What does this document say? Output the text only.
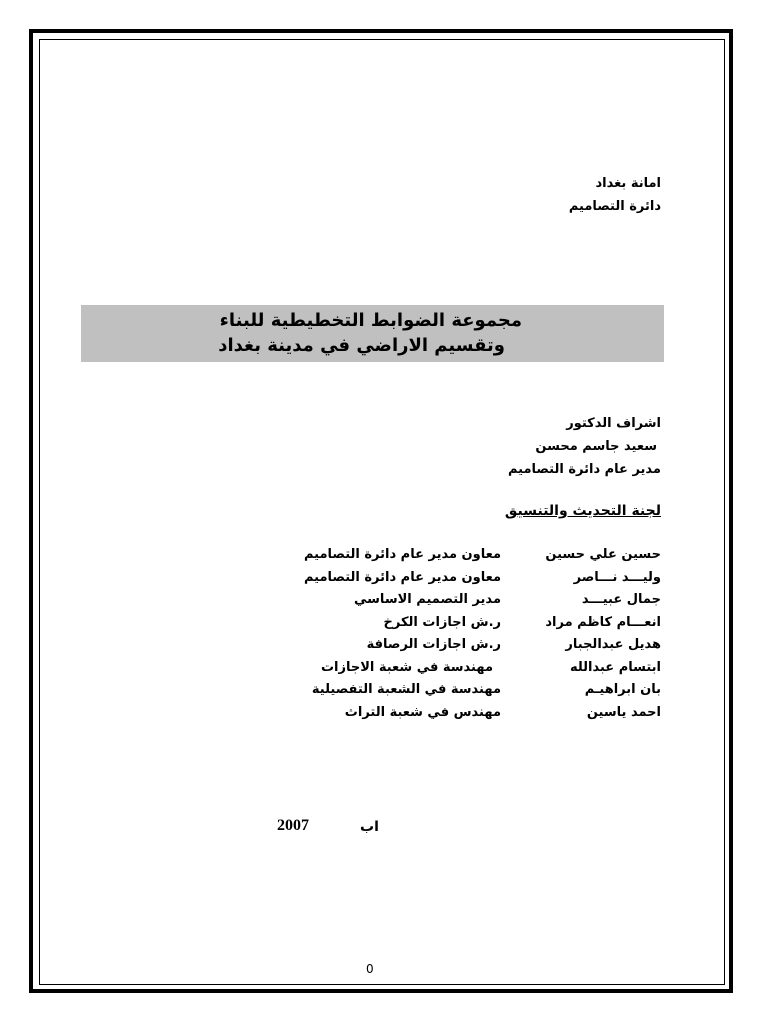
امانة بغداد
دائرة التصاميم
مجموعة الضوابط التخطيطية للبناء
وتقسيم الاراضي في مدينة بغداد
اشراف الدكتور
سعيد جاسم محسن
مدير عام دائرة التصاميم
لجنة التحديث والتنسيق
حسين علي حسين
معاون مدير عام دائرة التصاميم
وليـــد نـــاصر
معاون مدير عام دائرة التصاميم
جمال عبيـــد
مدير التصميم الاساسي
انعـــام كاظم مراد
ر.ش اجازات الكرخ
هديل عبدالجبار
ر.ش اجازات الرصافة
ابتسام عبدالله
مهندسة في شعبة الاجازات
بان ابراهيـم
مهندسة في الشعبة التفصيلية
احمد ياسين
مهندس في شعبة التراث
اب
2007
0
